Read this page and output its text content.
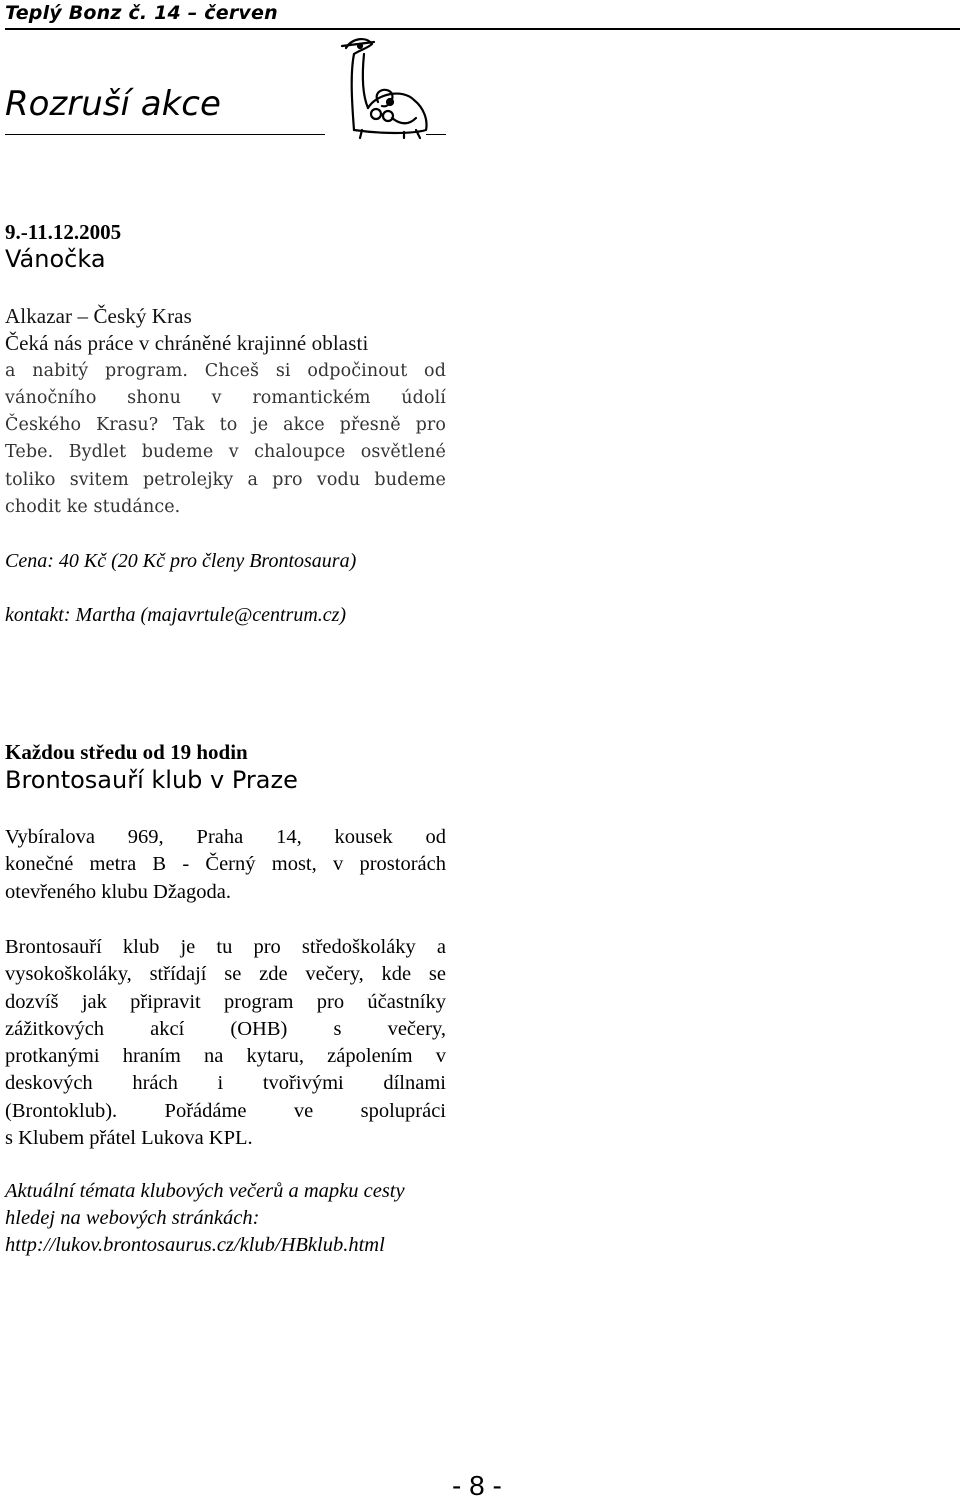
Teplý Bonz č. 14 – červen
Rozruší akce
9.-11.12.2005
Vánočka
Alkazar – Český Kras
Čeká nás práce v chráněné krajinné oblasti
a nabitý program. Chceš si odpočinout od
vánočního shonu v romantickém údolí
Českého Krasu? Tak to je akce přesně pro
Tebe. Bydlet budeme v chaloupce osvětlené
toliko svitem petrolejky a pro vodu budeme
chodit ke studánce.
Cena: 40 Kč (20 Kč pro členy Brontosaura)
kontakt: Martha (majavrtule@centrum.cz)
Každou středu od 19 hodin
Brontosauří klub v Praze
Vybíralova 969, Praha 14, kousek od
konečné metra B - Černý most, v prostorách
otevřeného klubu Džagoda.
Brontosauří klub je tu pro středoškoláky a
vysokoškoláky, střídají se zde večery, kde se
dozvíš jak připravit program pro účastníky
zážitkových akcí (OHB) s večery,
protkanými hraním na kytaru, zápolením v
deskových hrách i tvořivými dílnami
(Brontoklub). Pořádáme ve spolupráci
s Klubem přátel Lukova KPL.
Aktuální témata klubových večerů a mapku cesty
hledej na webových stránkách:
http://lukov.brontosaurus.cz/klub/HBklub.html
- 8 -
